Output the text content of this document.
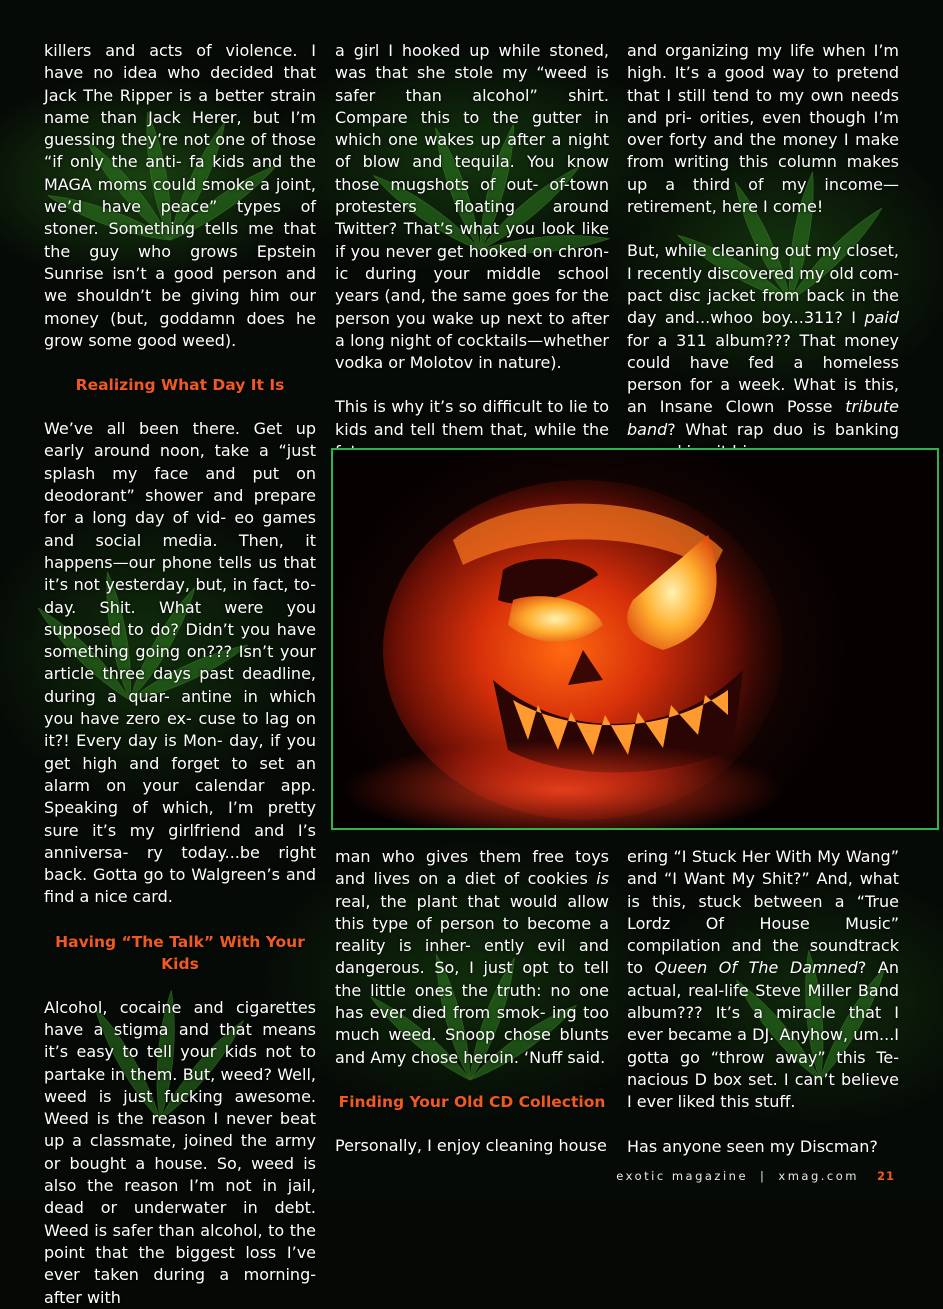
killers and acts of violence. I have no idea who decided that Jack The Ripper is a better strain name than Jack Herer, but I’m guessing they’re not one of those “if only the anti- fa kids and the MAGA moms could smoke a joint, we’d have peace” types of stoner. Something tells me that the guy who grows Epstein Sunrise isn’t a good person and we shouldn’t be giving him our money (but, goddamn does he grow some good weed).

Realizing What Day It Is

We’ve all been there. Get up early around noon, take a “just splash my face and put on deodorant” shower and prepare for a long day of vid- eo games and social media. Then, it happens—our phone tells us that it’s not yesterday, but, in fact, to- day. Shit. What were you supposed to do? Didn’t you have something going on??? Isn’t your article three days past deadline, during a quar- antine in which you have zero ex- cuse to lag on it?! Every day is Mon- day, if you get high and forget to set an alarm on your calendar app. Speaking of which, I’m pretty sure it’s my girlfriend and I’s anniversa- ry today...be right back. Gotta go to Walgreen’s and find a nice card.

Having “The Talk” With Your Kids

Alcohol, cocaine and cigarettes have a stigma and that means it’s easy to tell your kids not to partake in them. But, weed? Well, weed is just fucking awesome. Weed is the reason I never beat up a classmate, joined the army or bought a house. So, weed is also the reason I’m not in jail, dead or underwater in debt. Weed is safer than alcohol, to the point that the biggest loss I’ve ever taken during a morning-after with

a girl I hooked up while stoned, was that she stole my “weed is safer than alcohol” shirt. Compare this to the gutter in which one wakes up after a night of blow and tequila. You know those mugshots of out- of-town protesters floating around Twitter? That’s what you look like if you never get hooked on chron- ic during your middle school years (and, the same goes for the person you wake up next to after a long night of cocktails—whether vodka or Molotov in nature).

This is why it’s so difficult to lie to kids and tell them that, while the

and organizing my life when I’m high. It’s a good way to pretend that I still tend to my own needs and pri- orities, even though I’m over forty and the money I make from writing this column makes up a third of my income—retirement, here I come!

But, while cleaning out my closet, I recently discovered my old com- pact disc jacket from back in the day and...whoo boy...311? I paid for a 311 album??? That money could have fed a homeless person for a week. What is this, an Insane Clown Posse tribute band? What rap duo is banking

man who gives them free toys and lives on a diet of cookies is real, the plant that would allow this type of person to become a reality is inher- ently evil and dangerous. So, I just opt to tell the little ones the truth: no one has ever died from smok- ing too much weed. Snoop chose blunts and Amy chose heroin. ‘Nuff said.

Finding Your Old CD Collection

Personally, I enjoy cleaning house

ering “I Stuck Her With My Wang” and “I Want My Shit?” And, what is this, stuck between a “True Lordz Of House Music” compilation and the soundtrack to Queen Of The Damned? An actual, real-life Steve Miller Band album??? It’s a miracle that I ever became a DJ. Anyhow, um...I gotta go “throw away” this Te- nacious D box set. I can’t believe I ever liked this stuff.

Has anyone seen my Discman?

exotic magazine | xmag.com 21
